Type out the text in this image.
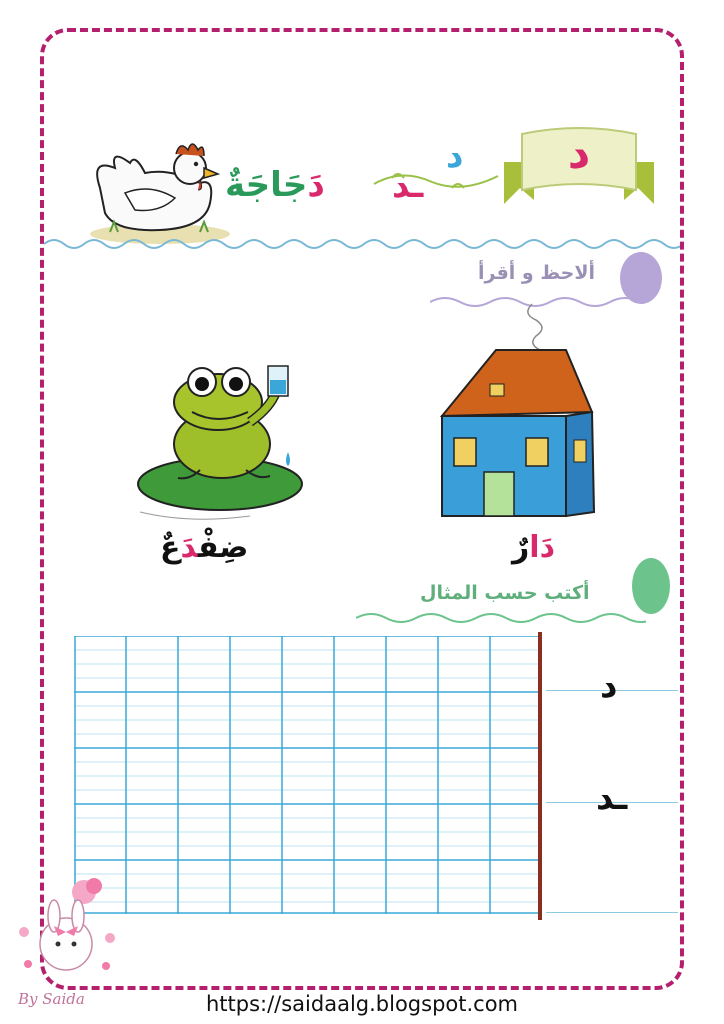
دَجَاجَةٌ	ـد
د	د
ألاحظ و أقرأ
دَارٌ
ضِفْدَعٌ
أكتب حسب المثال
د
ـد
By Saida	https://saidaalg.blogspot.com
